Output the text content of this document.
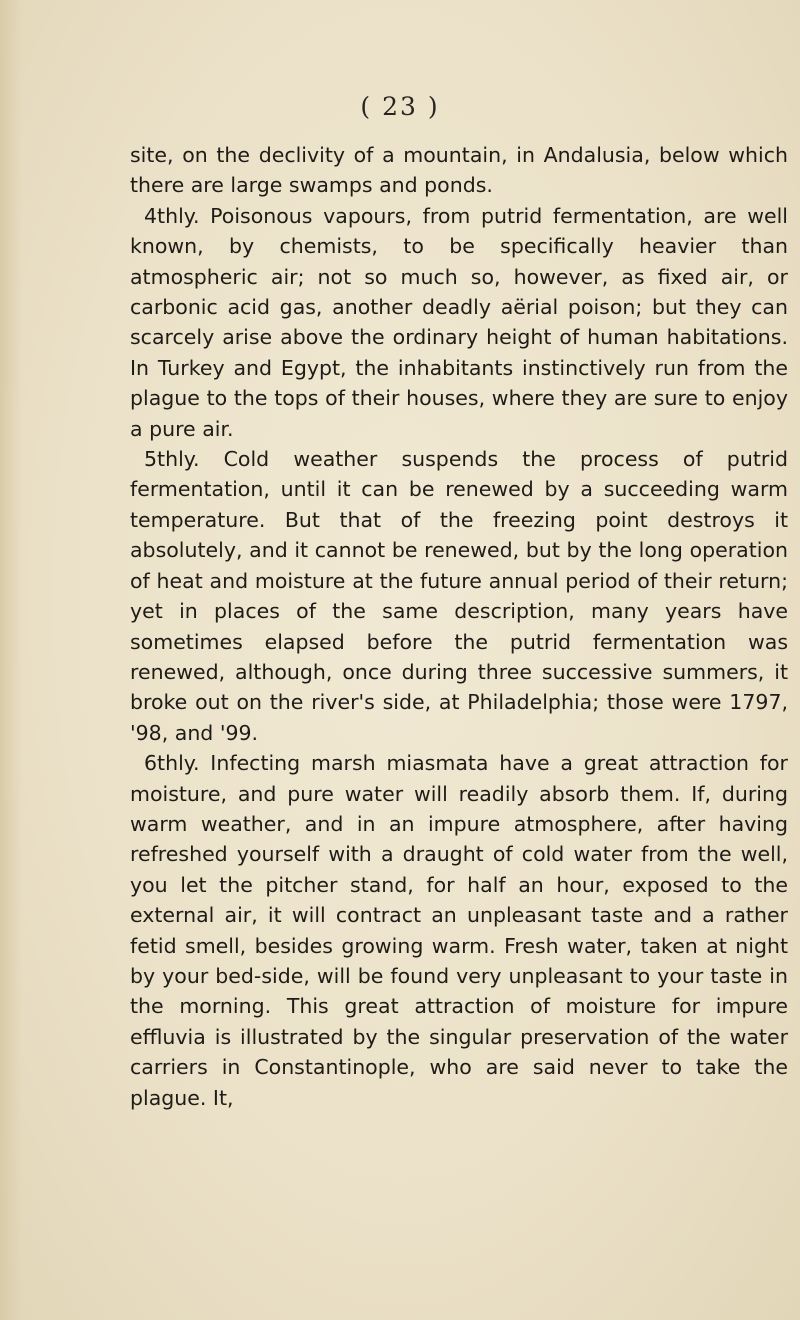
( 23 )

site, on the declivity of a mountain, in Andalusia, below which there are large swamps and ponds.

4thly. Poisonous vapours, from putrid fermentation, are well known, by chemists, to be specifically heavier than atmospheric air; not so much so, however, as fixed air, or carbonic acid gas, another deadly aërial poison; but they can scarcely arise above the ordinary height of human habitations. In Turkey and Egypt, the inhabitants instinctively run from the plague to the tops of their houses, where they are sure to enjoy a pure air.

5thly. Cold weather suspends the process of putrid fermentation, until it can be renewed by a succeeding warm temperature. But that of the freezing point destroys it absolutely, and it cannot be renewed, but by the long operation of heat and moisture at the future annual period of their return; yet in places of the same description, many years have sometimes elapsed before the putrid fermentation was renewed, although, once during three successive summers, it broke out on the river's side, at Philadelphia; those were 1797, '98, and '99.

6thly. Infecting marsh miasmata have a great attraction for moisture, and pure water will readily absorb them. If, during warm weather, and in an impure atmosphere, after having refreshed yourself with a draught of cold water from the well, you let the pitcher stand, for half an hour, exposed to the external air, it will contract an unpleasant taste and a rather fetid smell, besides growing warm. Fresh water, taken at night by your bed-side, will be found very unpleasant to your taste in the morning. This great attraction of moisture for impure effluvia is illustrated by the singular preservation of the water carriers in Constantinople, who are said never to take the plague. It,
